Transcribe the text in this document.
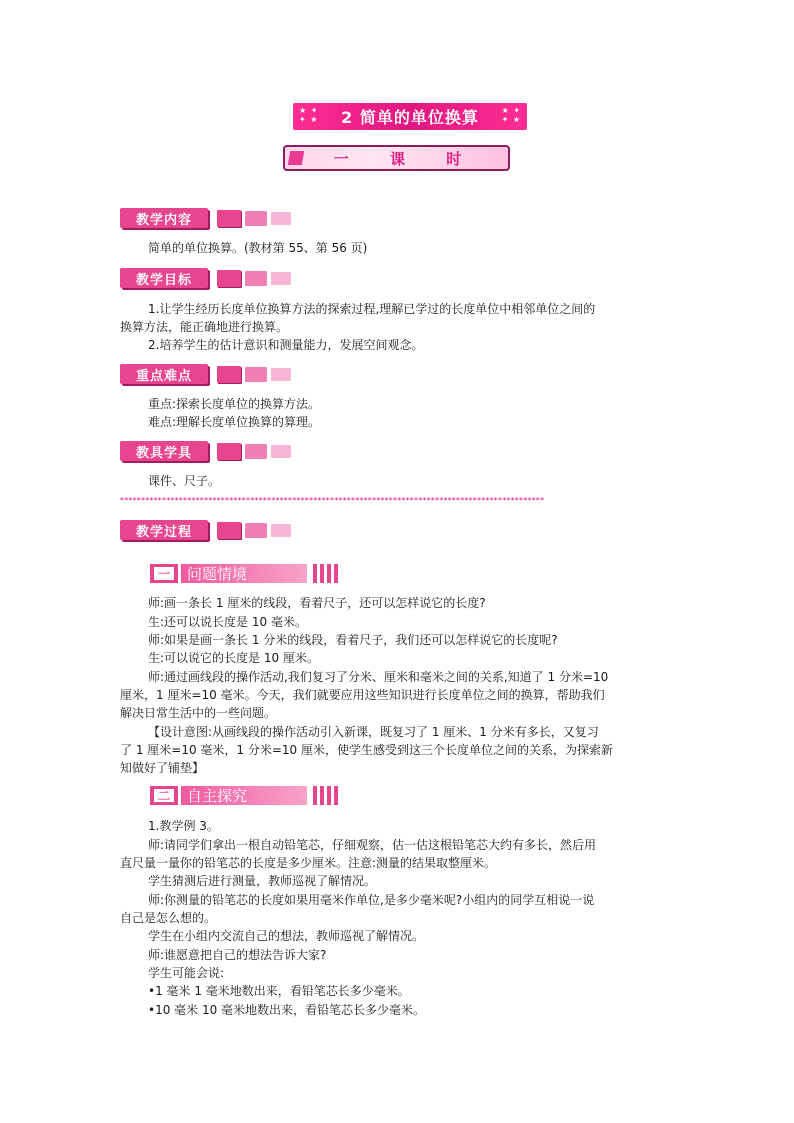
★ ✦
✦ ★
★ ✦
✦ ★
2 简单的单位换算
一 课 时
教学内容
简单的单位换算。(教材第 55、第 56 页)
教学目标
1.让学生经历长度单位换算方法的探索过程,理解已学过的长度单位中相邻单位之间的
换算方法，能正确地进行换算。
2.培养学生的估计意识和测量能力，发展空间观念。
重点难点
重点:探索长度单位的换算方法。
难点:理解长度单位换算的算理。
教具学具
课件、尺子。
*****************************************************************************************************
教学过程
一	问题情境
师:画一条长 1 厘米的线段，看着尺子，还可以怎样说它的长度?
生:还可以说长度是 10 毫米。
师:如果是画一条长 1 分米的线段，看着尺子，我们还可以怎样说它的长度呢?
生:可以说它的长度是 10 厘米。
师:通过画线段的操作活动,我们复习了分米、厘米和毫米之间的关系,知道了 1 分米=10
厘米，1 厘米=10 毫米。今天，我们就要应用这些知识进行长度单位之间的换算，帮助我们
解决日常生活中的一些问题。
【设计意图:从画线段的操作活动引入新课，既复习了 1 厘米、1 分米有多长，又复习
了 1 厘米=10 毫米，1 分米=10 厘米，使学生感受到这三个长度单位之间的关系，为探索新
知做好了铺垫】
二	自主探究
1.教学例 3。
师:请同学们拿出一根自动铅笔芯，仔细观察，估一估这根铅笔芯大约有多长，然后用
直尺量一量你的铅笔芯的长度是多少厘米。注意:测量的结果取整厘米。
学生猜测后进行测量，教师巡视了解情况。
师:你测量的铅笔芯的长度如果用毫米作单位,是多少毫米呢?小组内的同学互相说一说
自己是怎么想的。
学生在小组内交流自己的想法，教师巡视了解情况。
师:谁愿意把自己的想法告诉大家?
学生可能会说:
•1 毫米 1 毫米地数出来，看铅笔芯长多少毫米。
•10 毫米 10 毫米地数出来，看铅笔芯长多少毫米。
